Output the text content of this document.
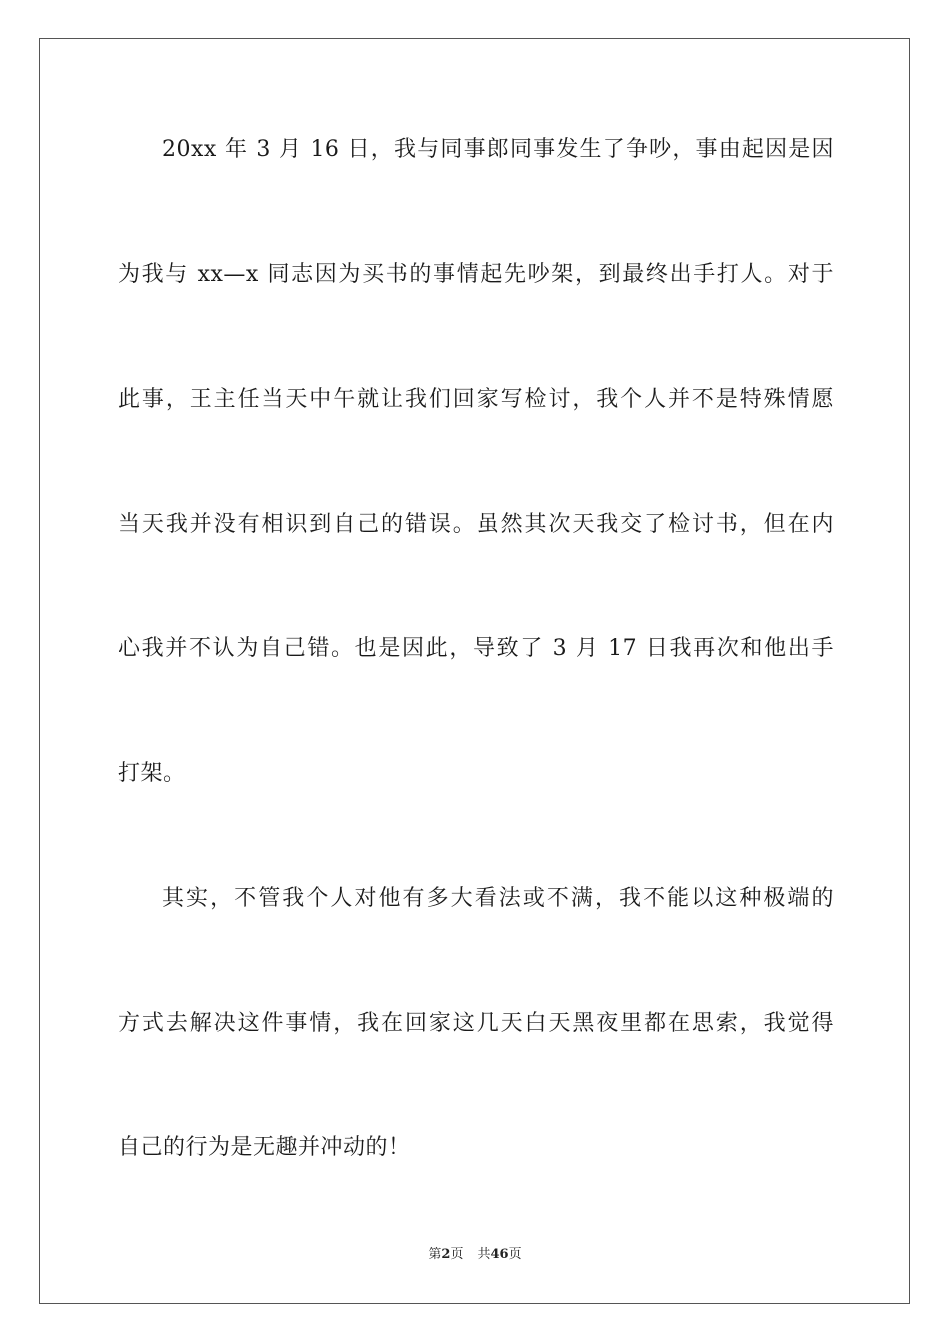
20xx 年 3 月 16 日，我与同事郎同事发生了争吵，事由起因是因
为我与 xx—x 同志因为买书的事情起先吵架，到最终出手打人。对于
此事，王主任当天中午就让我们回家写检讨，我个人并不是特殊情愿
当天我并没有相识到自己的错误。虽然其次天我交了检讨书，但在内
心我并不认为自己错。也是因此，导致了 3 月 17 日我再次和他出手
打架。
其实，不管我个人对他有多大看法或不满，我不能以这种极端的
方式去解决这件事情，我在回家这几天白天黑夜里都在思索，我觉得
自己的行为是无趣并冲动的！
第2页 共46页
